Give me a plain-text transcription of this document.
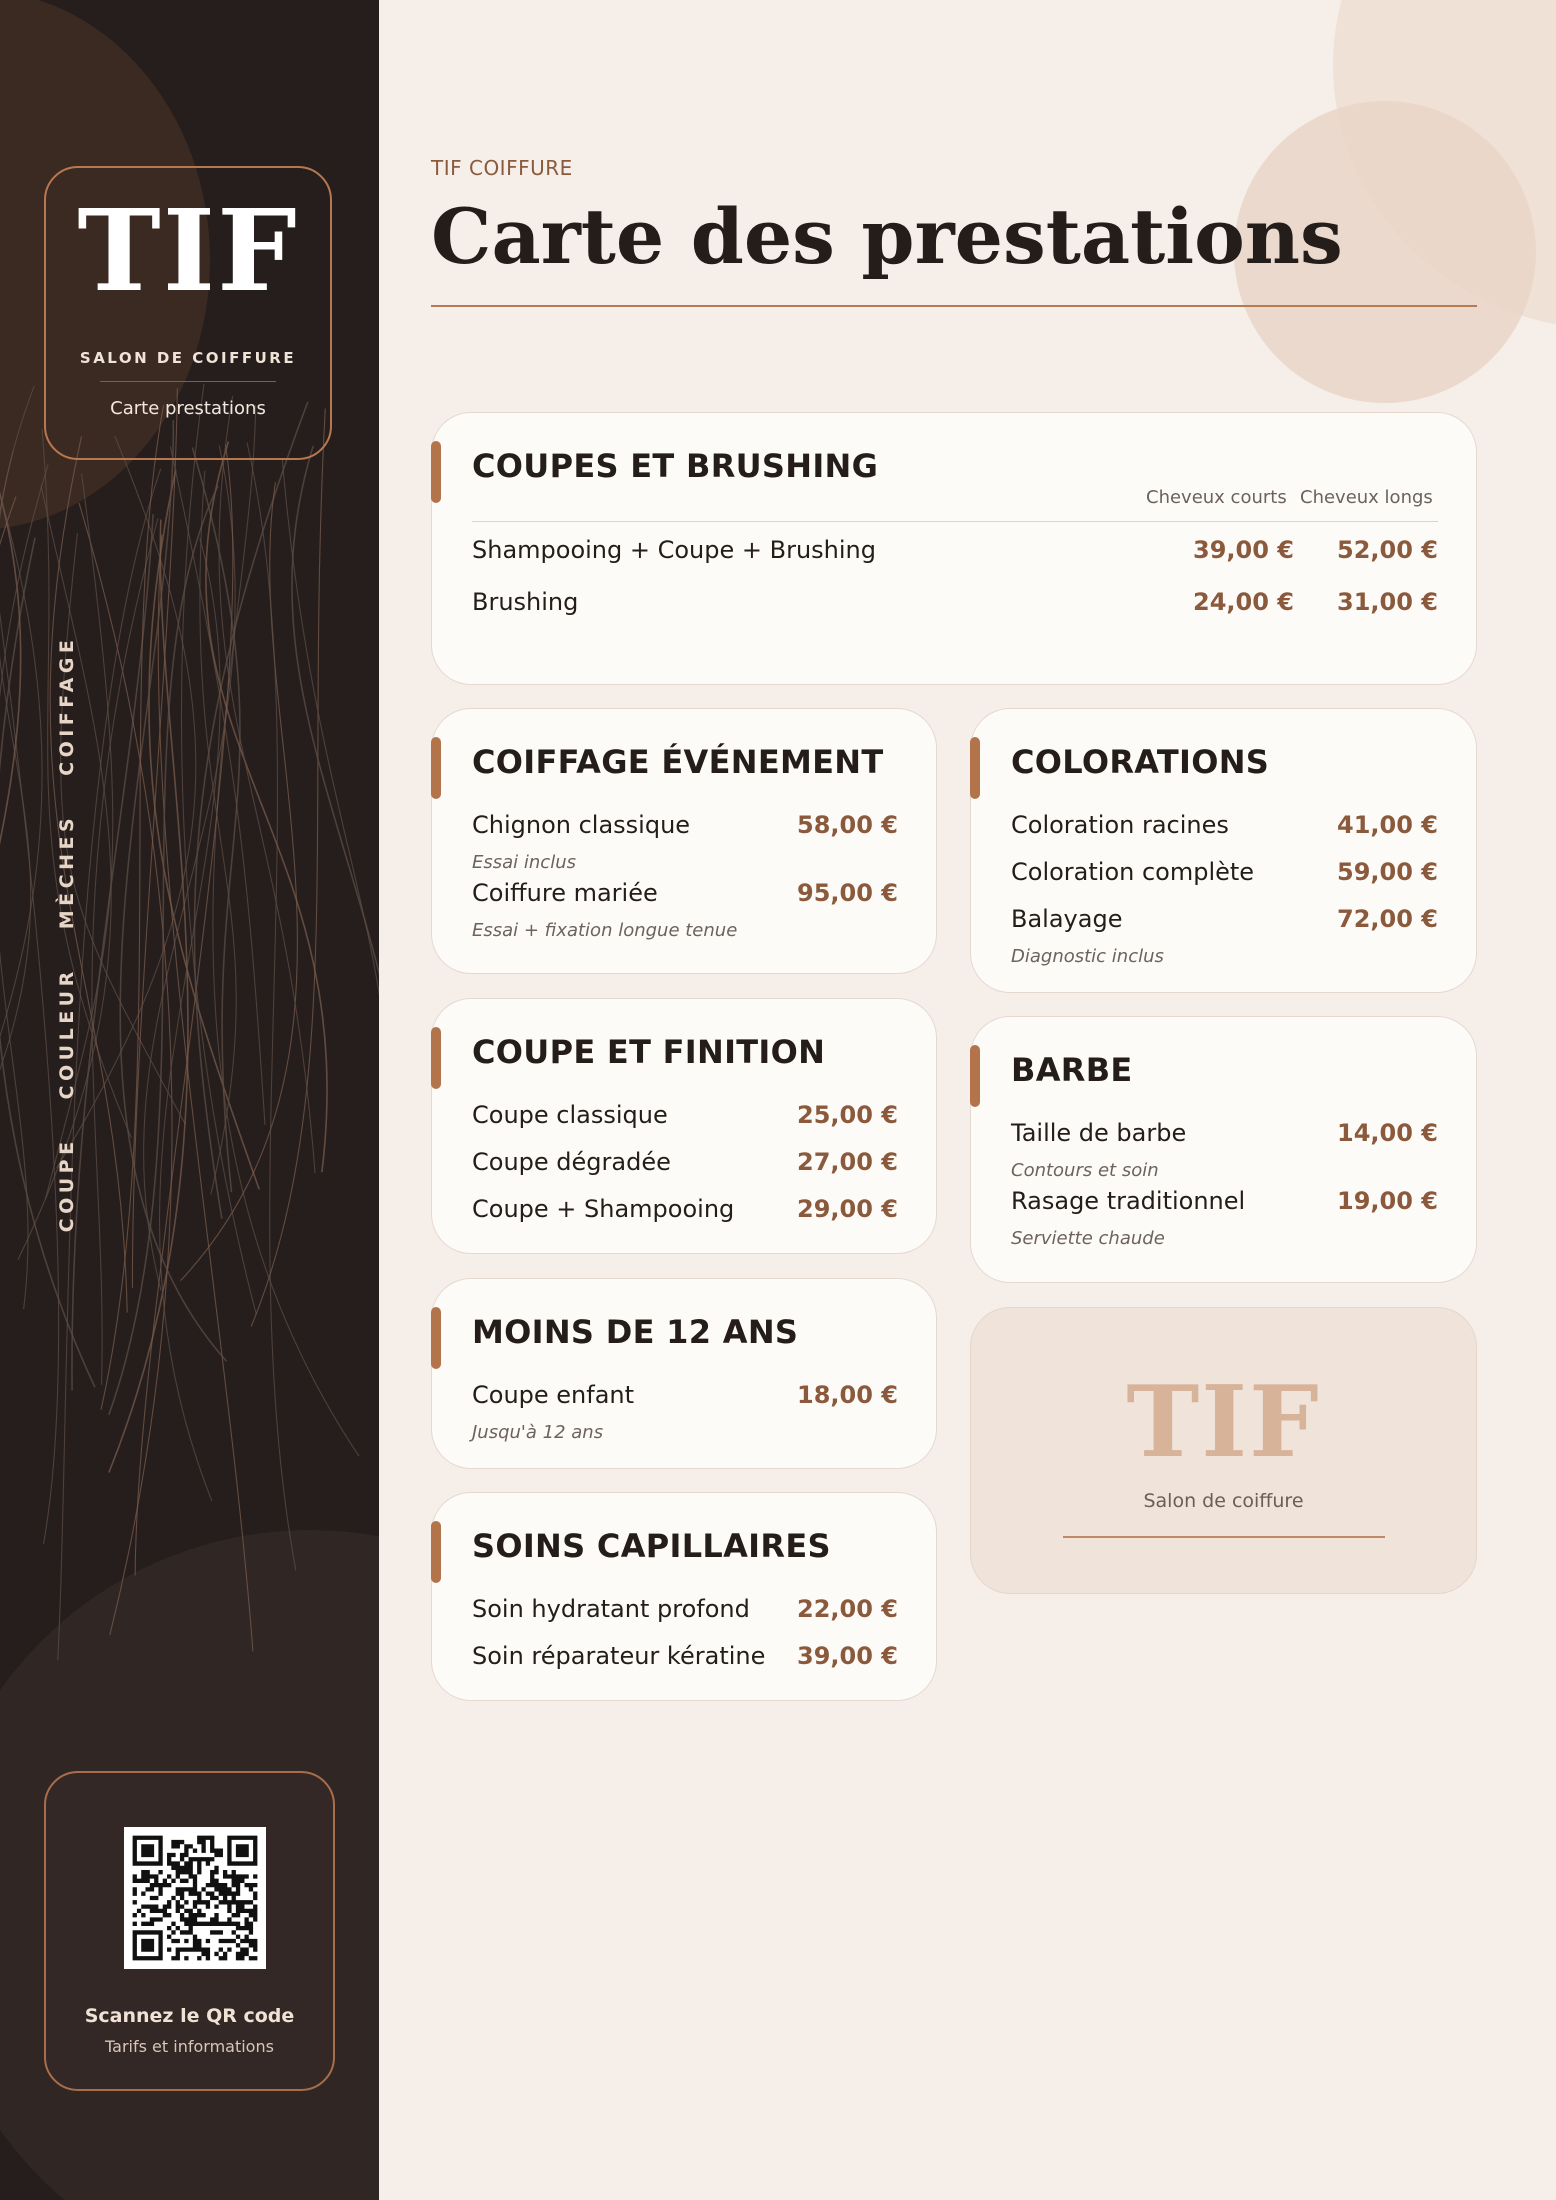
TIF
SALON DE COIFFURE
Carte prestations
COUPECOULEURMÈCHESCOIFFAGE
Scannez le QR code
Tarifs et informations
TIF COIFFURE
Carte des prestations
COUPES ET BRUSHING
Cheveux courts Cheveux longs
Shampooing + Coupe + Brushing	39,00 € 52,00 €
Brushing	24,00 € 31,00 €
COIFFAGE ÉVÉNEMENT
Chignon classique	58,00 €
Essai inclus
Coiffure mariée	95,00 €
Essai + fixation longue tenue
COLORATIONS
Coloration racines	41,00 €
Coloration complète	59,00 €
Balayage	72,00 €
Diagnostic inclus
COUPE ET FINITION
Coupe classique	25,00 €
Coupe dégradée	27,00 €
Coupe + Shampooing	29,00 €
BARBE
Taille de barbe	14,00 €
Contours et soin
Rasage traditionnel	19,00 €
Serviette chaude
MOINS DE 12 ANS
Coupe enfant	18,00 €
Jusqu'à 12 ans	TIF
Salon de coiffure
SOINS CAPILLAIRES
Soin hydratant profond 22,00 €
Soin réparateur kératine 39,00 €
